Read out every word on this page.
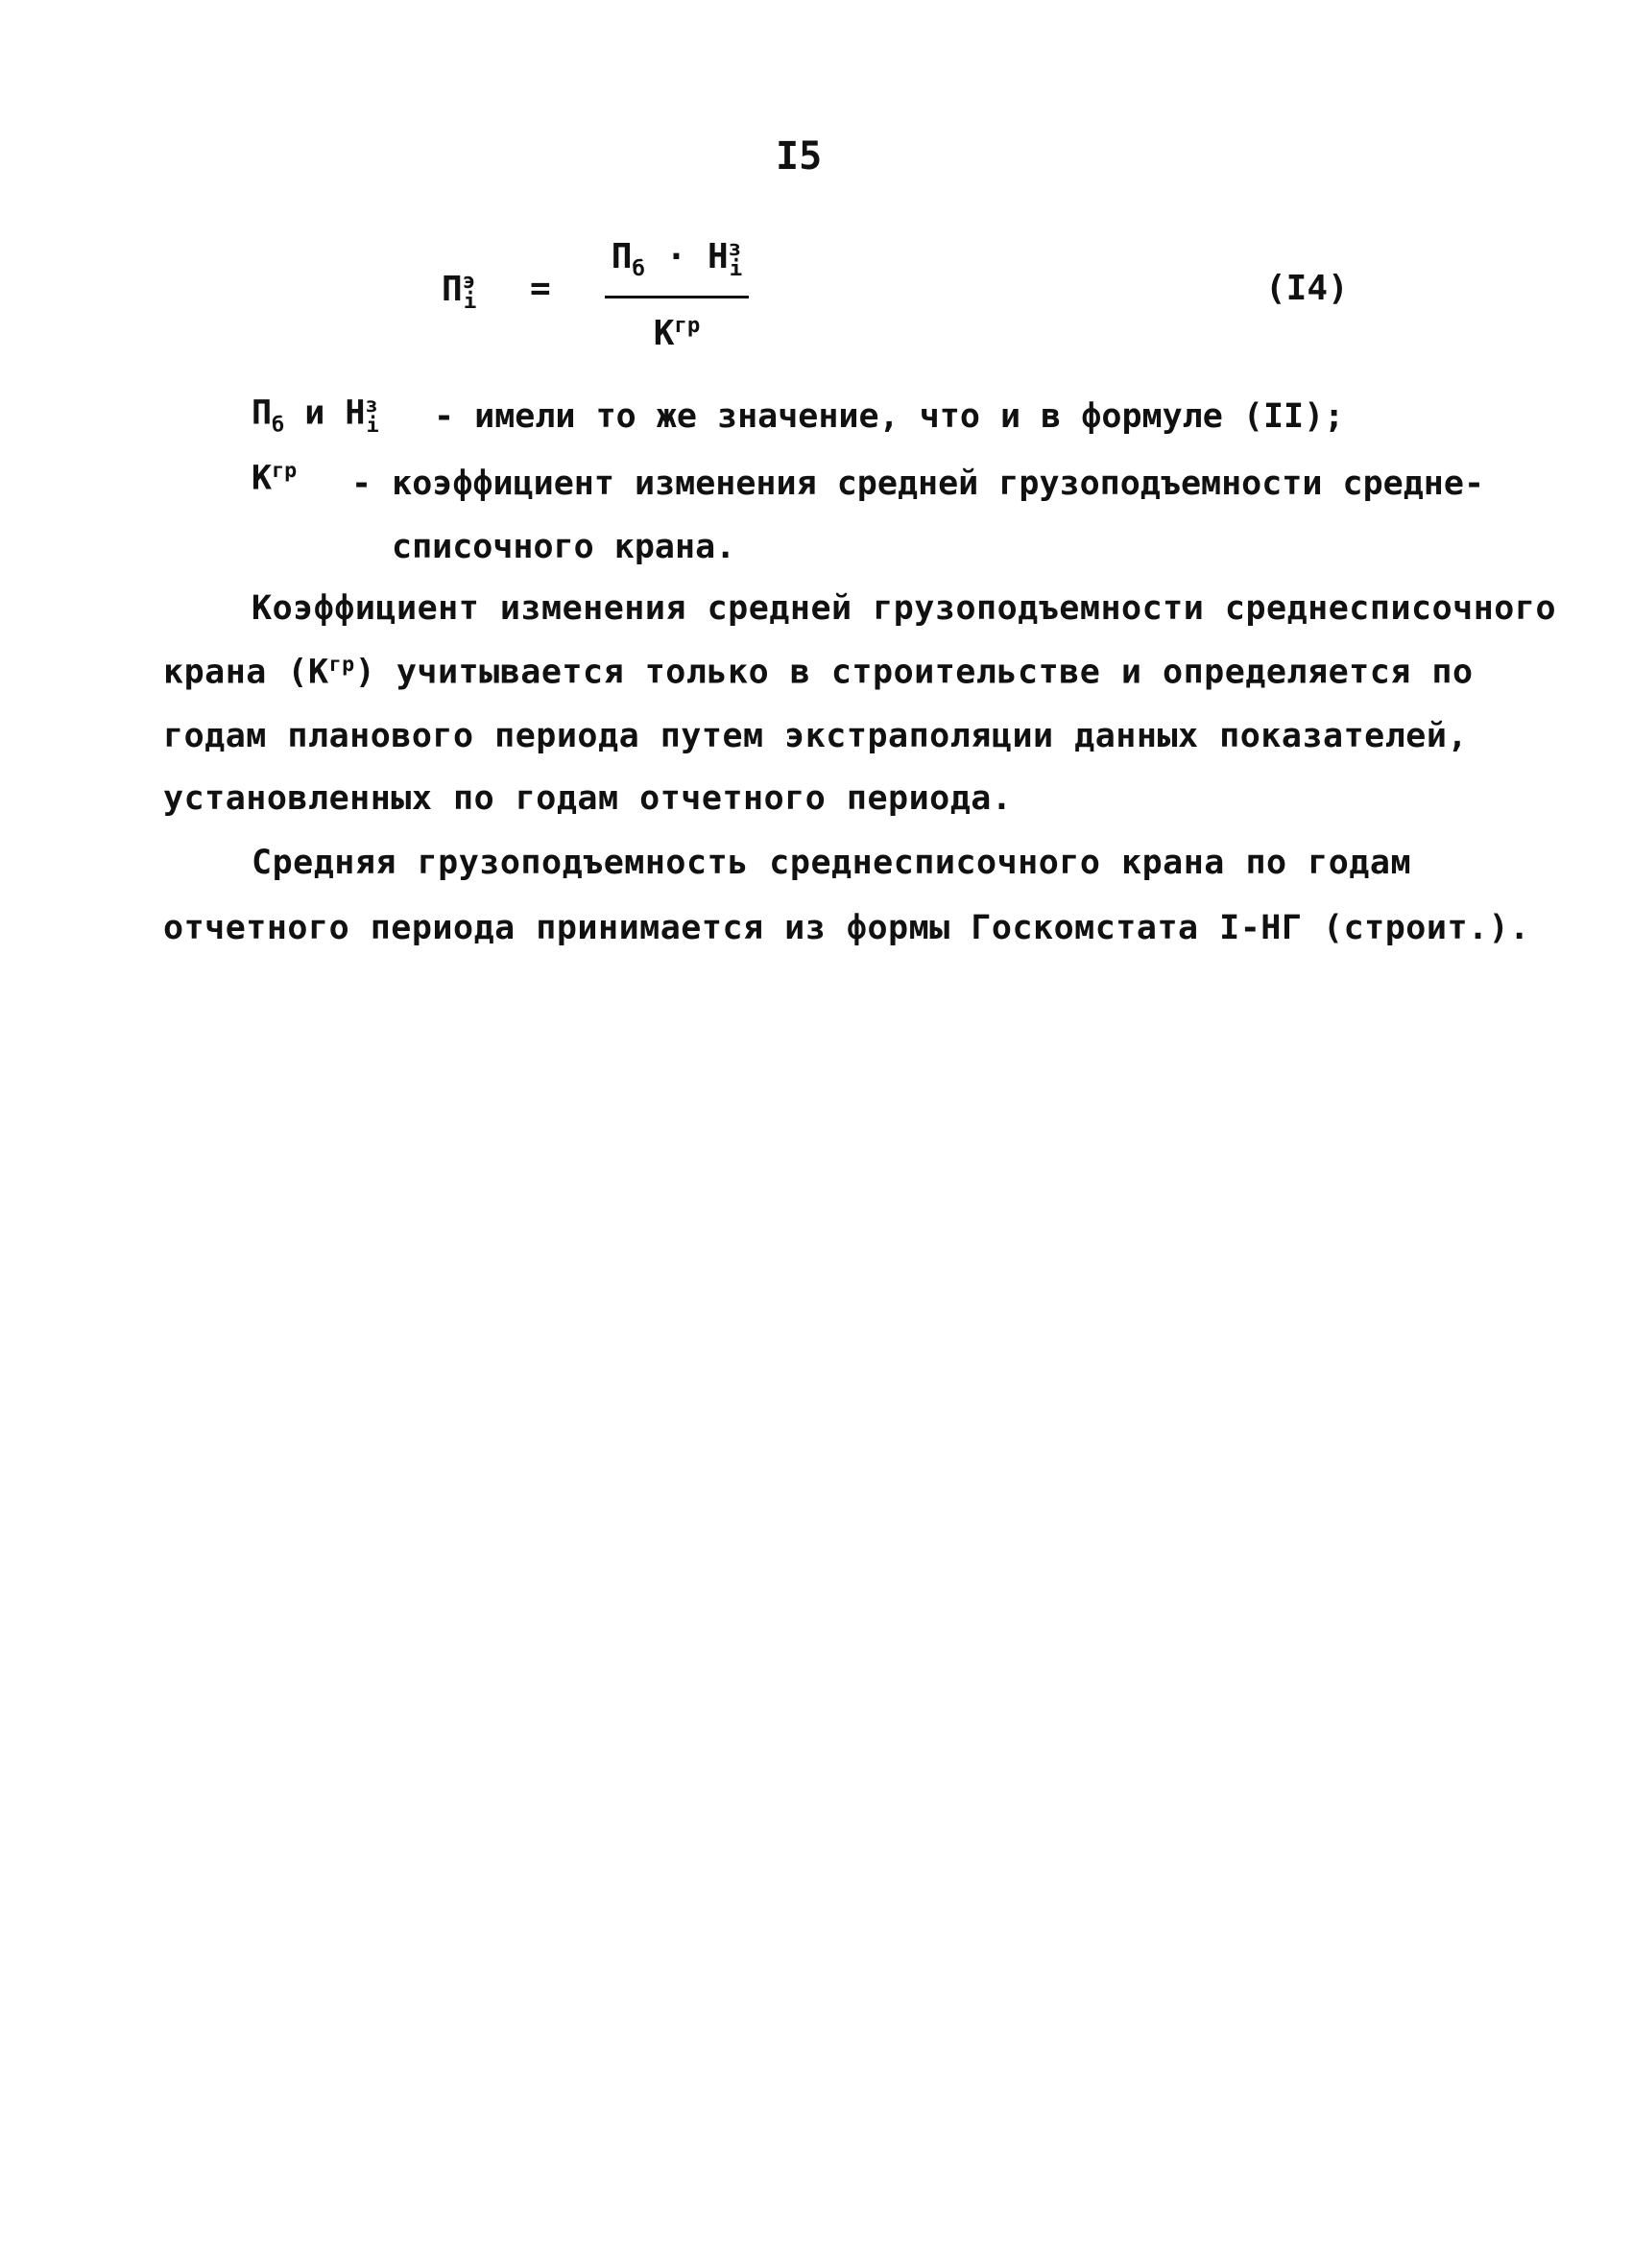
I5
$П^э_i$ =
$П_б \cdot Н^з_i$
$К^{гр}$
(I4)
$П_б$ и $Н^з_i$ - имели то же значение, что и в формуле (II);
$К^{гр}$ - коэффициент изменения средней грузоподъемности средне-
списочного крана.
Коэффициент изменения средней грузоподъемности среднесписочного
крана $(К^{гр})$ учитывается только в строительстве и определяется по
годам планового периода путем экстраполяции данных показателей,
установленных по годам отчетного периода.
Средняя грузоподъемность среднесписочного крана по годам
отчетного периода принимается из формы Госкомстата I-НГ (строит.).
